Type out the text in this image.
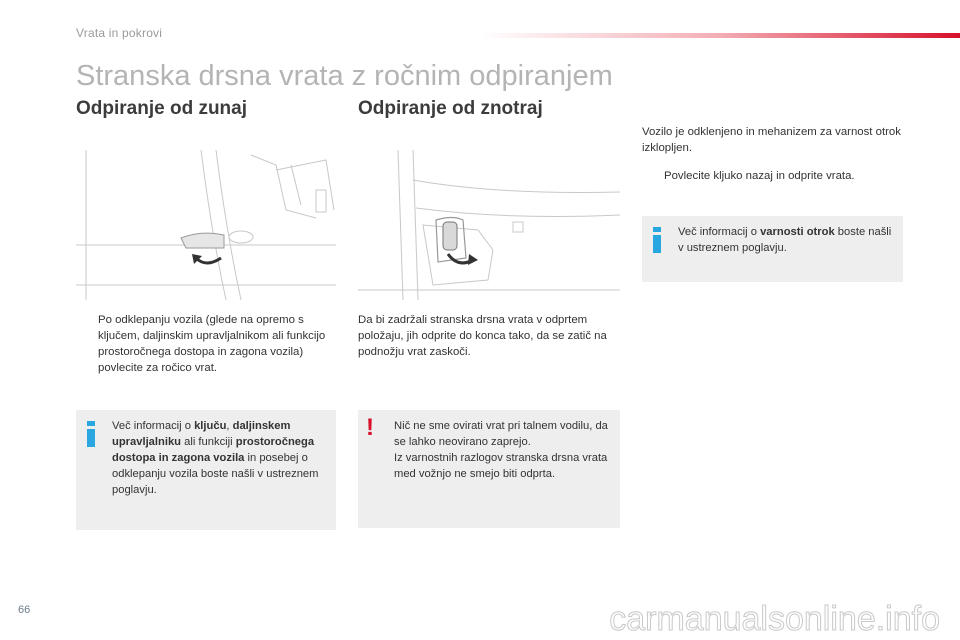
Vrata in pokrovi
Stranska drsna vrata z ročnim odpiranjem
Odpiranje od zunaj
Po odklepanju vozila (glede na opremo s ključem, daljinskim upravljalnikom ali funkcijo prostoročnega dostopa in zagona vozila) povlecite za ročico vrat.
Več informacij o ključu, daljinskem upravljalniku ali funkciji prostoročnega dostopa in zagona vozila in posebej o odklepanju vozila boste našli v ustreznem poglavju.
Odpiranje od znotraj
Da bi zadržali stranska drsna vrata v odprtem položaju, jih odprite do konca tako, da se zatič na podnožju vrat zaskoči.
! Nič ne sme ovirati vrat pri talnem vodilu, da se lahko neovirano zaprejo.
Iz varnostnih razlogov stranska drsna vrata med vožnjo ne smejo biti odprta.
Vozilo je odklenjeno in mehanizem za varnost otrok izklopljen.
Povlecite kljuko nazaj in odprite vrata.
Več informacij o varnosti otrok boste našli v ustreznem poglavju.
66	carmanualsonline.info
